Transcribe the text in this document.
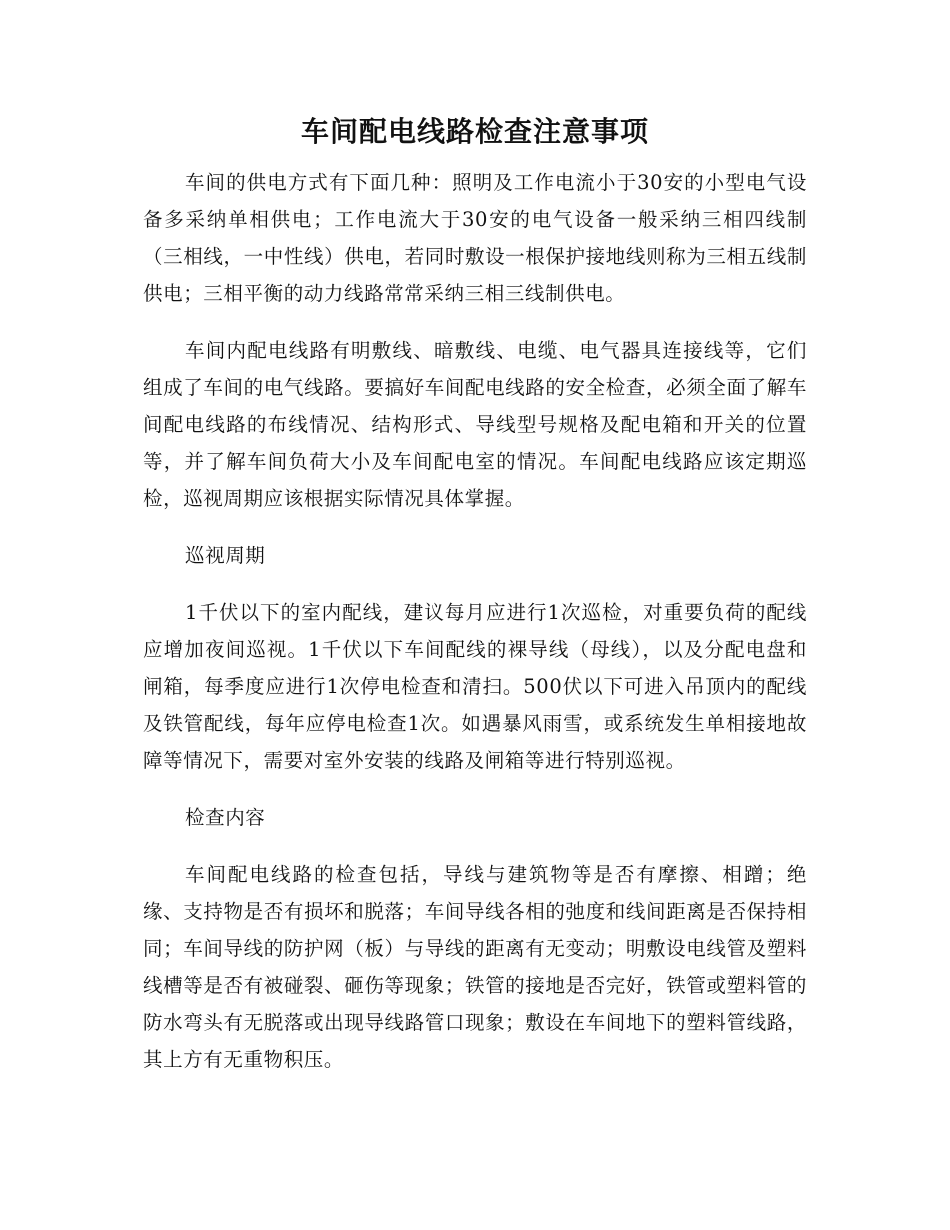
车间配电线路检查注意事项

车间的供电方式有下面几种：照明及工作电流小于30安的小型电气设备多采纳单相供电；工作电流大于30安的电气设备一般采纳三相四线制（三相线，一中性线）供电，若同时敷设一根保护接地线则称为三相五线制供电；三相平衡的动力线路常常采纳三相三线制供电。

车间内配电线路有明敷线、暗敷线、电缆、电气器具连接线等，它们组成了车间的电气线路。要搞好车间配电线路的安全检查，必须全面了解车间配电线路的布线情况、结构形式、导线型号规格及配电箱和开关的位置等，并了解车间负荷大小及车间配电室的情况。车间配电线路应该定期巡检，巡视周期应该根据实际情况具体掌握。

巡视周期

1千伏以下的室内配线，建议每月应进行1次巡检，对重要负荷的配线应增加夜间巡视。1千伏以下车间配线的裸导线（母线），以及分配电盘和闸箱，每季度应进行1次停电检查和清扫。500伏以下可进入吊顶内的配线及铁管配线，每年应停电检查1次。如遇暴风雨雪，或系统发生单相接地故障等情况下，需要对室外安装的线路及闸箱等进行特别巡视。

检查内容

车间配电线路的检查包括，导线与建筑物等是否有摩擦、相蹭；绝缘、支持物是否有损坏和脱落；车间导线各相的弛度和线间距离是否保持相同；车间导线的防护网（板）与导线的距离有无变动；明敷设电线管及塑料线槽等是否有被碰裂、砸伤等现象；铁管的接地是否完好，铁管或塑料管的防水弯头有无脱落或出现导线路管口现象；敷设在车间地下的塑料管线路，其上方有无重物积压。
